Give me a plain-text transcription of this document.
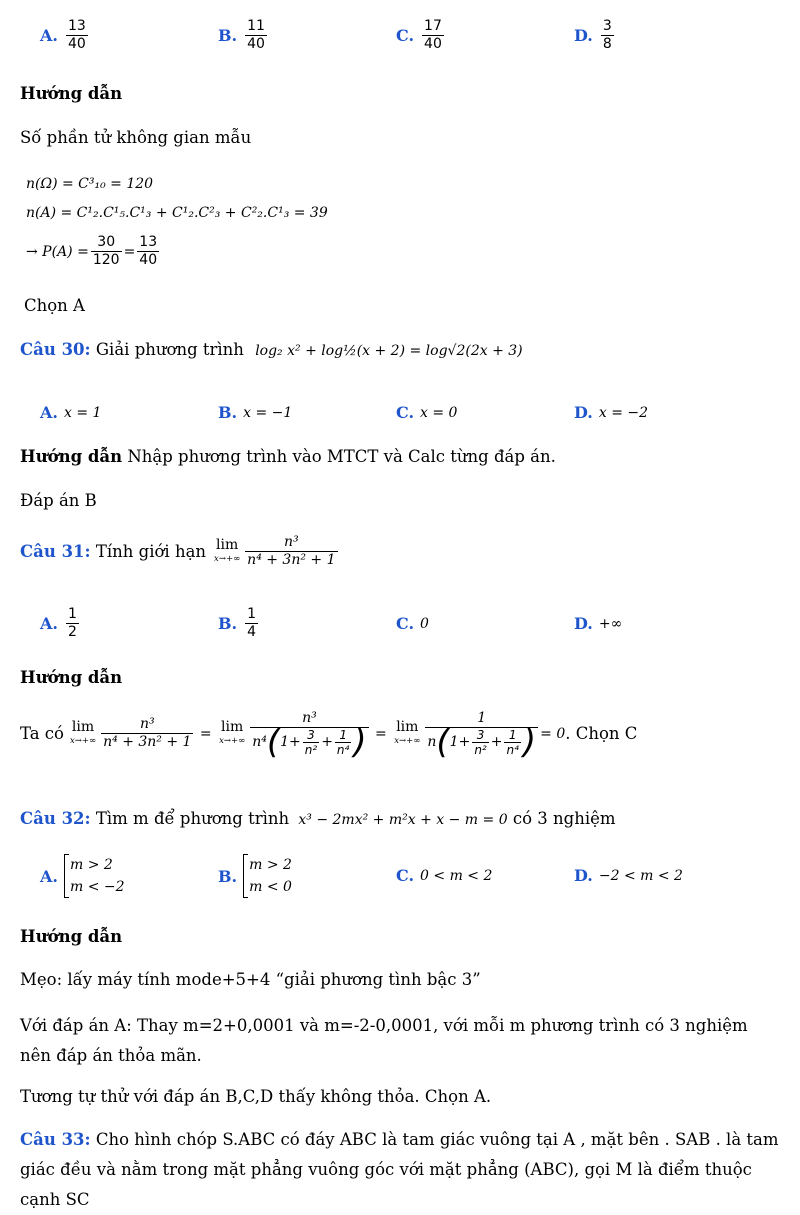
A. $\frac{13}{40}$	B. $\frac{11}{40}$	C. $\frac{17}{40}$	D. $\frac{3}{8}$
Hướng dẫn
Số phần tử không gian mẫu
n(Ω) = C³₁₀ = 120
n(A) = C¹₂.C¹₅.C¹₃ + C¹₂.C²₃ + C²₂.C¹₃ = 39
→ $P(A) = \frac{30}{120} = \frac{13}{40}$
Chọn A
Câu 30: Giải phương trình log₂ x² + log½(x + 2) = log√2(2x + 3)
A. x = 1	B. x = −1	C. x = 0	D. x = −2
Hướng dẫn Nhập phương trình vào MTCT và Calc từng đáp án.
Đáp án B
Câu 31:
Tính giới hạn lim
$x\to+\infty \frac{\text{n³}}{\text{n⁴ + 3n² + 1}}$
A. $\frac{1}{2}$	B. $\frac{1}{4}$	C. 0	D. +∞
Hướng dẫn
Ta có lim
$x\to+\infty \frac{\text{n³}}{\text{n⁴ + 3n² + 1}} = \lim$
$x\to+\infty \frac{\text{n³}}{n^4 ( 1+ \frac{3}{\text{n²}} + \frac{1}{\text{n⁴}} )} = \lim$
$x\to+\infty \frac{1}{n ( 1+ \frac{3}{\text{n²}} + \frac{1}{\text{n⁴}} )} = 0$ . Chọn C
Câu 32: Tìm m để phương trình x³ − 2mx² + m²x + x − m = 0 có 3 nghiệm
A.
m > 2
m < −2
B.
m > 2
m < 0
C. 0 < m < 2	D. −2 < m < 2
Hướng dẫn
Mẹo: lấy máy tính mode+5+4 “giải phương tình bậc 3”
Với đáp án A: Thay m=2+0,0001 và m=-2-0,0001, với mỗi m phương trình có 3 nghiệm nên đáp án thỏa mãn.
Tương tự thử với đáp án B,C,D thấy không thỏa. Chọn A.
Câu 33: Cho hình chóp S.ABC có đáy ABC là tam giác vuông tại A , mặt bên . SAB . là tam giác đều và nằm trong mặt phẳng vuông góc với mặt phẳng (ABC), gọi M là điểm thuộc cạnh SC
